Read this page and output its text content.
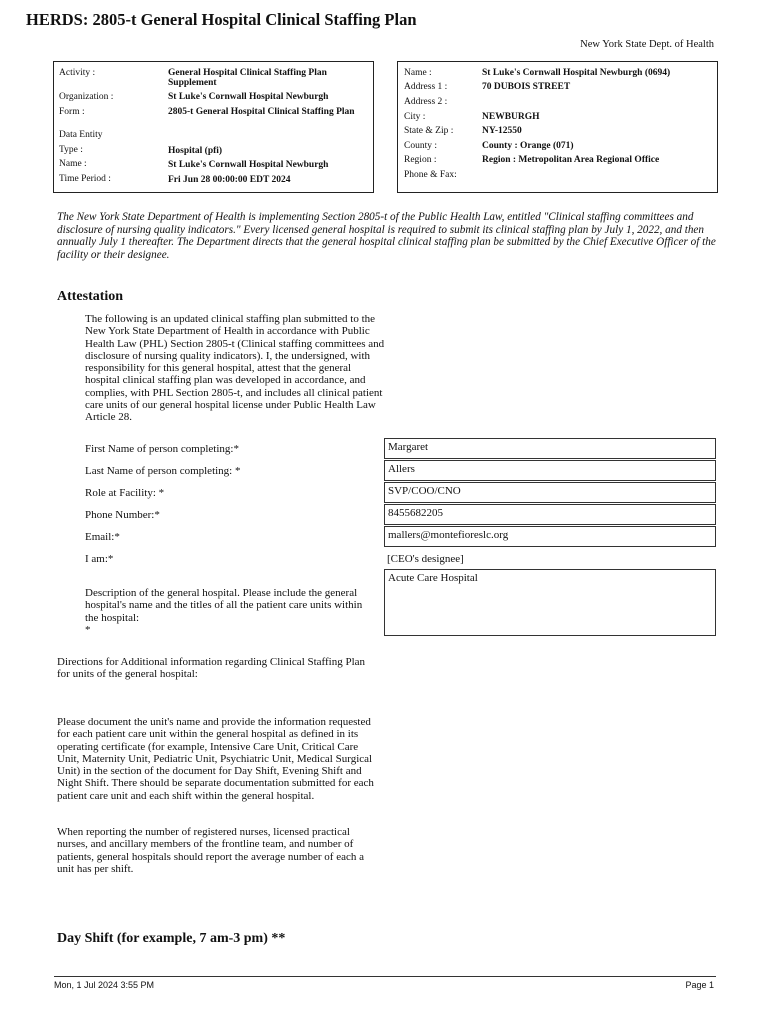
HERDS: 2805-t General Hospital Clinical Staffing Plan
New York State Dept. of Health
Activity :	General Hospital Clinical Staffing Plan Supplement
Organization :	St Luke's Cornwall Hospital Newburgh
Form :	2805-t General Hospital Clinical Staffing Plan
Data Entity
Type :	Hospital (pfi)
Name :	St Luke's Cornwall Hospital Newburgh
Time Period :	Fri Jun 28 00:00:00 EDT 2024
Name :	St Luke's Cornwall Hospital Newburgh (0694)
Address 1 :	70 DUBOIS STREET
Address 2 :
City :	NEWBURGH
State & Zip :	NY-12550
County :	County : Orange (071)
Region :	Region : Metropolitan Area Regional Office
Phone & Fax:
The New York State Department of Health is implementing Section 2805-t of the Public Health Law, entitled "Clinical staffing committees and disclosure of nursing quality indicators." Every licensed general hospital is required to submit its clinical staffing plan by July 1, 2022, and then annually July 1 thereafter. The Department directs that the general hospital clinical staffing plan be submitted by the Chief Executive Officer of the facility or their designee.
Attestation
The following is an updated clinical staffing plan submitted to the New York State Department of Health in accordance with Public Health Law (PHL) Section 2805-t (Clinical staffing committees and disclosure of nursing quality indicators). I, the undersigned, with responsibility for this general hospital, attest that the general hospital clinical staffing plan was developed in accordance, and complies, with PHL Section 2805-t, and includes all clinical patient care units of our general hospital license under Public Health Law Article 28.
First Name of person completing:*	Margaret
Last Name of person completing: *	Allers
Role at Facility: *	SVP/COO/CNO
Phone Number:*	8455682205
Email:*	mallers@montefioreslc.org
I am:*	[CEO's designee]
Description of the general hospital. Please include the general hospital's name and the titles of all the patient care units within the hospital:
*
Acute Care Hospital
Directions for Additional information regarding Clinical Staffing Plan for units of the general hospital:
Please document the unit's name and provide the information requested for each patient care unit within the general hospital as defined in its operating certificate (for example, Intensive Care Unit, Critical Care Unit, Maternity Unit, Pediatric Unit, Psychiatric Unit, Medical Surgical Unit) in the section of the document for Day Shift, Evening Shift and Night Shift. There should be separate documentation submitted for each patient care unit and each shift within the general hospital.
When reporting the number of registered nurses, licensed practical nurses, and ancillary members of the frontline team, and number of patients, general hospitals should report the average number of each a unit has per shift.
Day Shift (for example, 7 am-3 pm) **
Mon, 1 Jul 2024 3:55 PM	Page 1
